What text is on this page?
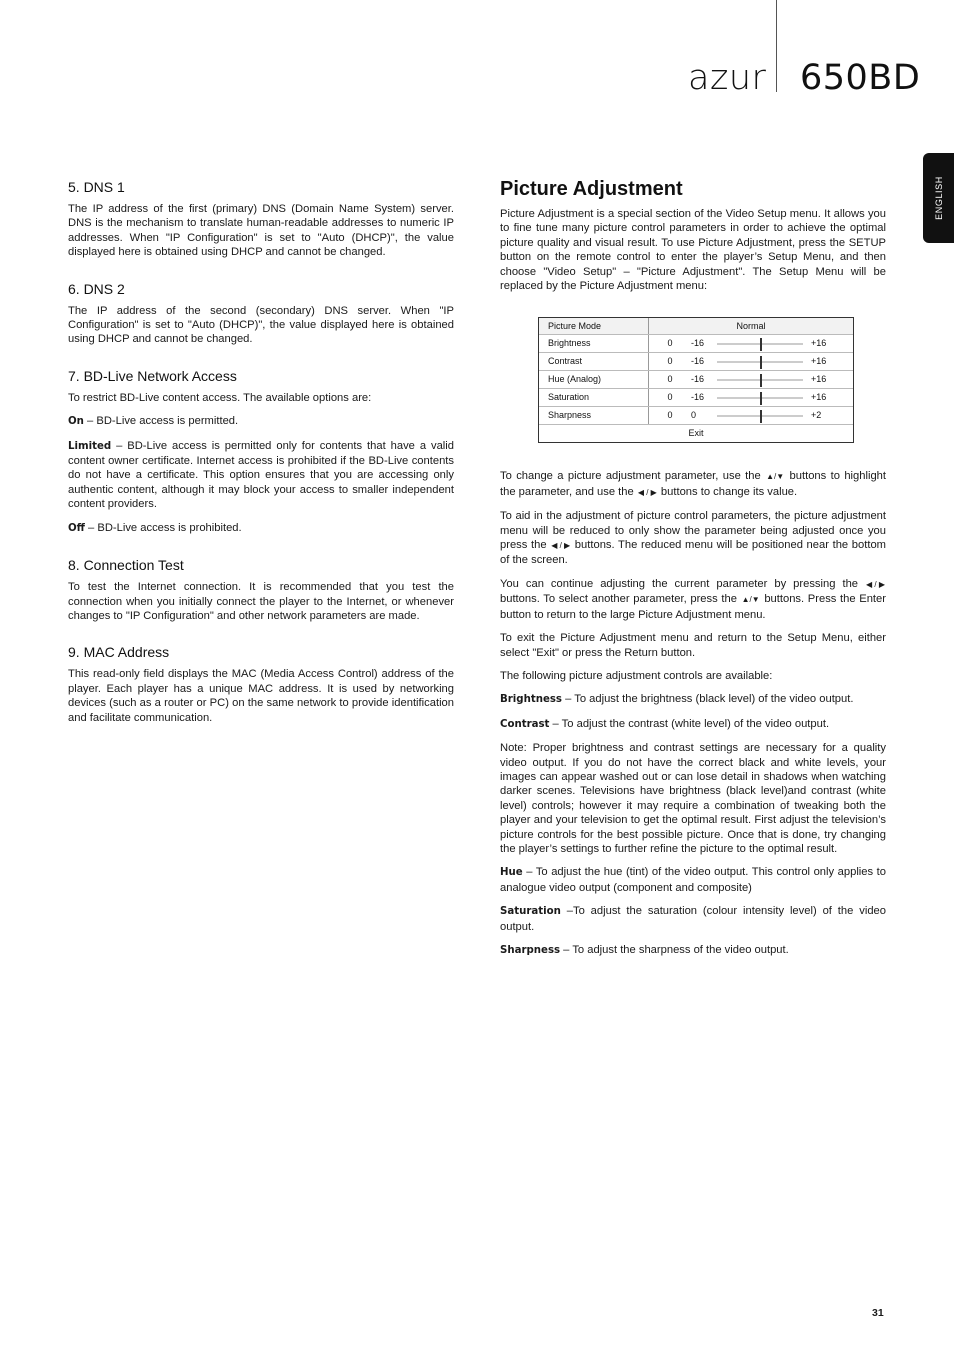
azur 650BD
ENGLISH
5. DNS 1

The IP address of the first (primary) DNS (Domain Name System) server. DNS is the mechanism to translate human-readable addresses to numeric IP addresses. When "IP Configuration" is set to "Auto (DHCP)", the value displayed here is obtained using DHCP and cannot be changed.

6. DNS 2

The IP address of the second (secondary) DNS server. When "IP Configuration" is set to "Auto (DHCP)", the value displayed here is obtained using DHCP and cannot be changed.

7. BD-Live Network Access

To restrict BD-Live content access. The available options are:

On – BD-Live access is permitted.

Limited – BD-Live access is permitted only for contents that have a valid content owner certificate. Internet access is prohibited if the BD-Live contents do not have a certificate. This option ensures that you are accessing only authentic content, although it may block your access to smaller independent content providers.

Off – BD-Live access is prohibited.

8. Connection Test

To test the Internet connection. It is recommended that you test the connection when you initially connect the player to the Internet, or whenever changes to "IP Configuration" and other network parameters are made.

9. MAC Address

This read-only field displays the MAC (Media Access Control) address of the player. Each player has a unique MAC address. It is used by networking devices (such as a router or PC) on the same network to provide identification and facilitate communication.

Picture Adjustment

Picture Adjustment is a special section of the Video Setup menu. It allows you to fine tune many picture control parameters in order to achieve the optimal picture quality and visual result. To use Picture Adjustment, press the SETUP button on the remote control to enter the player’s Setup Menu, and then choose "Video Setup" – "Picture Adjustment". The Setup Menu will be replaced by the Picture Adjustment menu:

Picture Mode	Normal
Brightness	0	-16	+16
Contrast	0	-16	+16
Hue (Analog)	0	-16	+16
Saturation	0	-16	+16
Sharpness	0	0	+2
Exit

To change a picture adjustment parameter, use the ▲/▼ buttons to highlight the parameter, and use the ◀ / ▶ buttons to change its value.

To aid in the adjustment of picture control parameters, the picture adjustment menu will be reduced to only show the parameter being adjusted once you press the ◀ / ▶ buttons. The reduced menu will be positioned near the bottom of the screen.

You can continue adjusting the current parameter by pressing the ◀ / ▶ buttons. To select another parameter, press the ▲/▼ buttons. Press the Enter button to return to the large Picture Adjustment menu.

To exit the Picture Adjustment menu and return to the Setup Menu, either select "Exit" or press the Return button.

The following picture adjustment controls are available:

Brightness – To adjust the brightness (black level) of the video output.

Contrast – To adjust the contrast (white level) of the video output.

Note: Proper brightness and contrast settings are necessary for a quality video output. If you do not have the correct black and white levels, your images can appear washed out or can lose detail in shadows when watching darker scenes. Televisions have brightness (black level)and contrast (white level) controls; however it may require a combination of tweaking both the player and your television to get the optimal result. First adjust the television’s picture controls for the best possible picture. Once that is done, try changing the player’s settings to further refine the picture to the optimal result.

Hue – To adjust the hue (tint) of the video output. This control only applies to analogue video output (component and composite)

Saturation –To adjust the saturation (colour intensity level) of the video output.

Sharpness – To adjust the sharpness of the video output.

31
